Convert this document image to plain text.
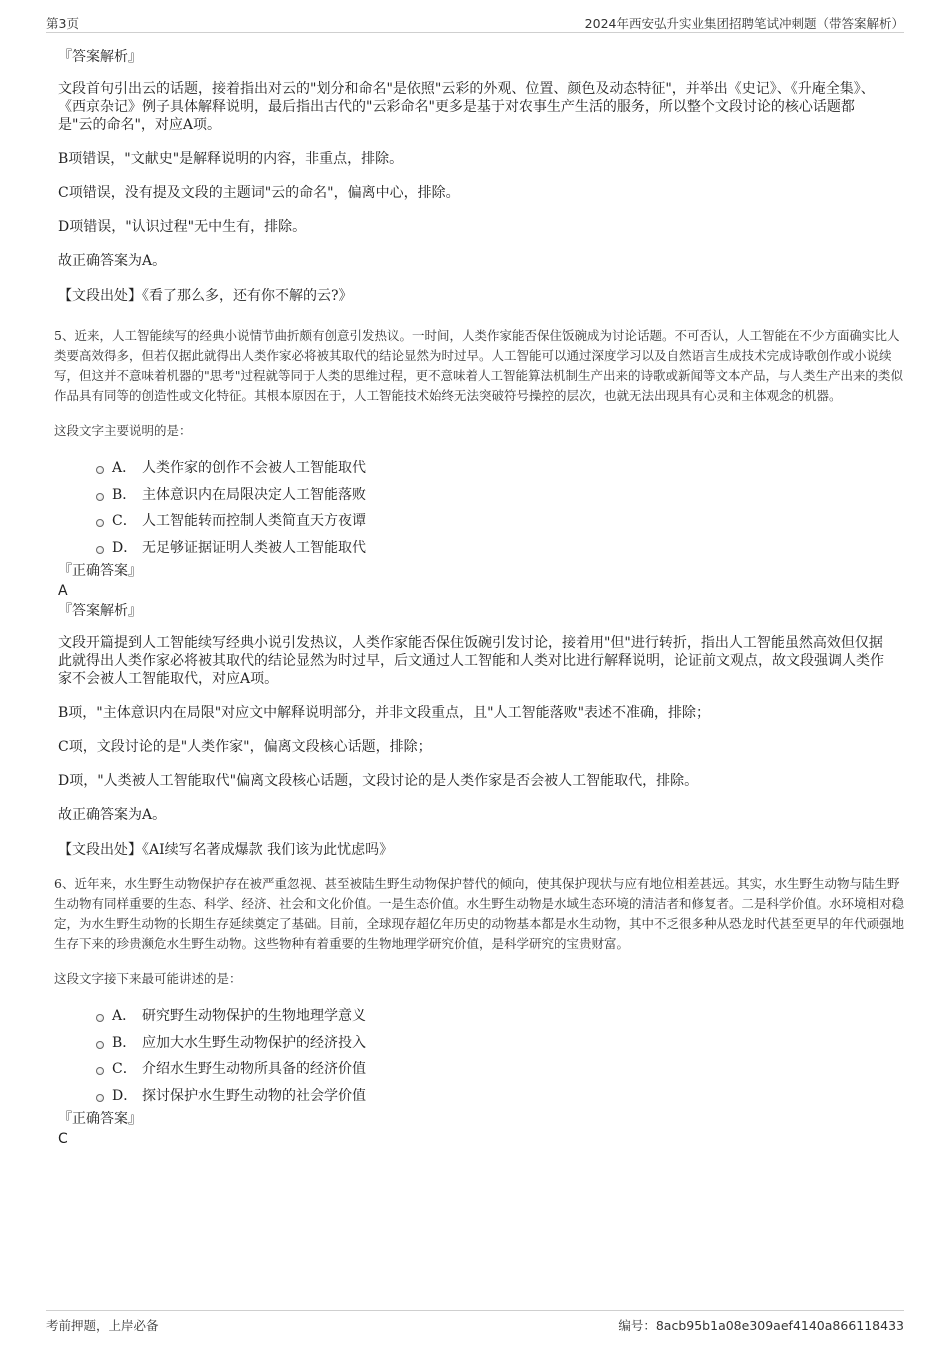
第3页	2024年西安弘升实业集团招聘笔试冲刺题（带答案解析）
『答案解析』
文段首句引出云的话题，接着指出对云的"划分和命名"是依照"云彩的外观、位置、颜色及动态特征"，并举出《史记》、《升庵全集》、《西京杂记》例子具体解释说明，最后指出古代的"云彩命名"更多是基于对农事生产生活的服务，所以整个文段讨论的核心话题都是"云的命名"，对应A项。
B项错误，"文献史"是解释说明的内容，非重点，排除。
C项错误，没有提及文段的主题词"云的命名"，偏离中心，排除。
D项错误，"认识过程"无中生有，排除。
故正确答案为A。
【文段出处】《看了那么多，还有你不解的云?》
5、近来，人工智能续写的经典小说情节曲折颇有创意引发热议。一时间，人类作家能否保住饭碗成为讨论话题。不可否认，人工智能在不少方面确实比人类要高效得多，但若仅据此就得出人类作家必将被其取代的结论显然为时过早。人工智能可以通过深度学习以及自然语言生成技术完成诗歌创作或小说续写，但这并不意味着机器的"思考"过程就等同于人类的思维过程，更不意味着人工智能算法机制生产出来的诗歌或新闻等文本产品，与人类生产出来的类似作品具有同等的创造性或文化特征。其根本原因在于，人工智能技术始终无法突破符号操控的层次，也就无法出现具有心灵和主体观念的机器。
这段文字主要说明的是：
A． 人类作家的创作不会被人工智能取代
B． 主体意识内在局限决定人工智能落败
C． 人工智能转而控制人类简直天方夜谭
D． 无足够证据证明人类被人工智能取代
『正确答案』
A
『答案解析』
文段开篇提到人工智能续写经典小说引发热议，人类作家能否保住饭碗引发讨论，接着用"但"进行转折，指出人工智能虽然高效但仅据此就得出人类作家必将被其取代的结论显然为时过早，后文通过人工智能和人类对比进行解释说明，论证前文观点，故文段强调人类作家不会被人工智能取代，对应A项。
B项，"主体意识内在局限"对应文中解释说明部分，并非文段重点，且"人工智能落败"表述不准确，排除；
C项，文段讨论的是"人类作家"，偏离文段核心话题，排除；
D项，"人类被人工智能取代"偏离文段核心话题，文段讨论的是人类作家是否会被人工智能取代，排除。
故正确答案为A。
【文段出处】《AI续写名著成爆款 我们该为此忧虑吗》
6、近年来，水生野生动物保护存在被严重忽视、甚至被陆生野生动物保护替代的倾向，使其保护现状与应有地位相差甚远。其实，水生野生动物与陆生野生动物有同样重要的生态、科学、经济、社会和文化价值。一是生态价值。水生野生动物是水域生态环境的清洁者和修复者。二是科学价值。水环境相对稳定，为水生野生动物的长期生存延续奠定了基础。目前，全球现存超亿年历史的动物基本都是水生动物，其中不乏很多种从恐龙时代甚至更早的年代顽强地生存下来的珍贵濒危水生野生动物。这些物种有着重要的生物地理学研究价值，是科学研究的宝贵财富。
这段文字接下来最可能讲述的是：
A． 研究野生动物保护的生物地理学意义
B． 应加大水生野生动物保护的经济投入
C． 介绍水生野生动物所具备的经济价值
D． 探讨保护水生野生动物的社会学价值
『正确答案』
C
考前押题，上岸必备	编号：8acb95b1a08e309aef4140a866118433
